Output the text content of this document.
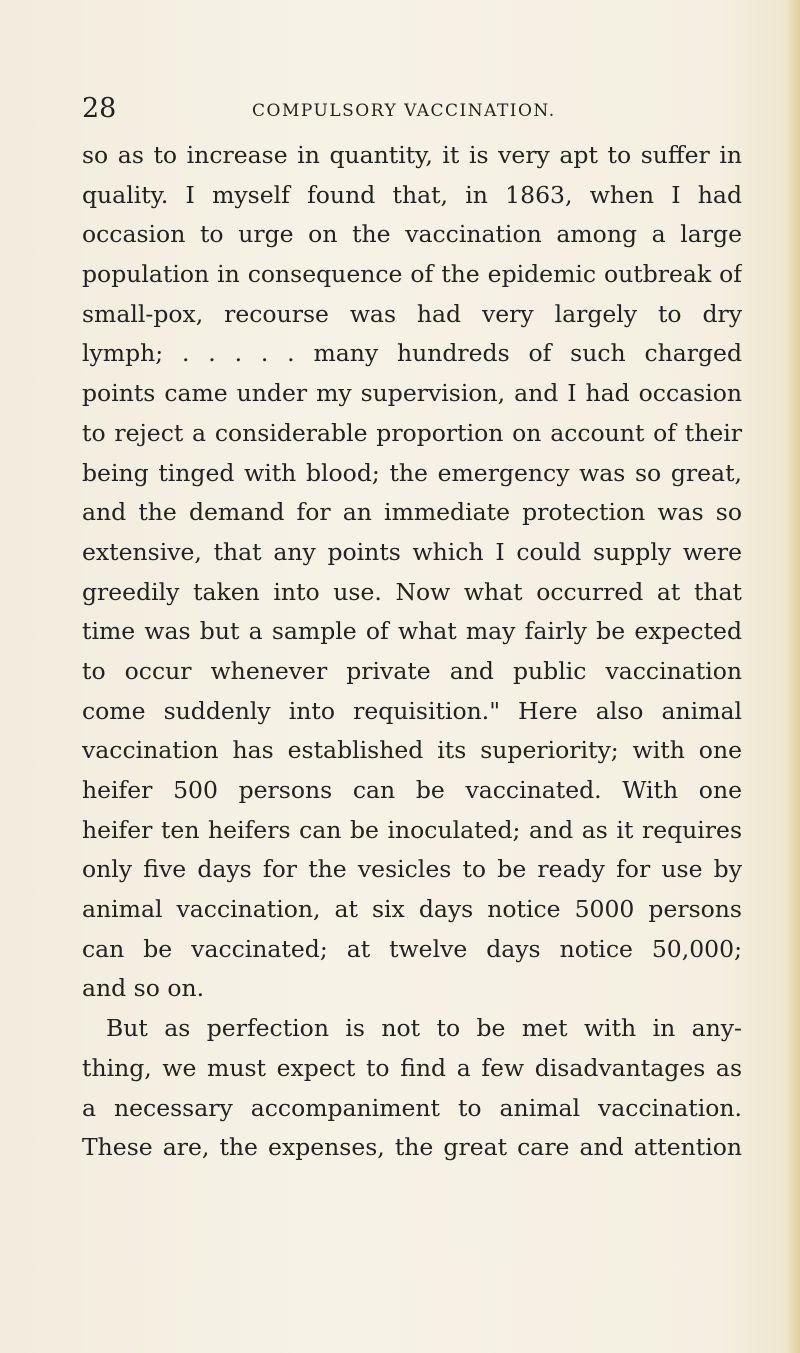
28	COMPULSORY VACCINATION.
so as to increase in quantity, it is very apt to suffer in
quality. I myself found that, in 1863, when I had
occasion to urge on the vaccination among a large
population in consequence of the epidemic outbreak of
small-pox, recourse was had very largely to dry
lymph; . . . . . many hundreds of such charged
points came under my supervision, and I had occasion
to reject a considerable proportion on account of their
being tinged with blood; the emergency was so great,
and the demand for an immediate protection was so
extensive, that any points which I could supply were
greedily taken into use. Now what occurred at that
time was but a sample of what may fairly be expected
to occur whenever private and public vaccination
come suddenly into requisition." Here also animal
vaccination has established its superiority; with one
heifer 500 persons can be vaccinated. With one
heifer ten heifers can be inoculated; and as it requires
only five days for the vesicles to be ready for use by
animal vaccination, at six days notice 5000 persons
can be vaccinated; at twelve days notice 50,000;
and so on.
But as perfection is not to be met with in any-
thing, we must expect to find a few disadvantages as
a necessary accompaniment to animal vaccination.
These are, the expenses, the great care and attention
